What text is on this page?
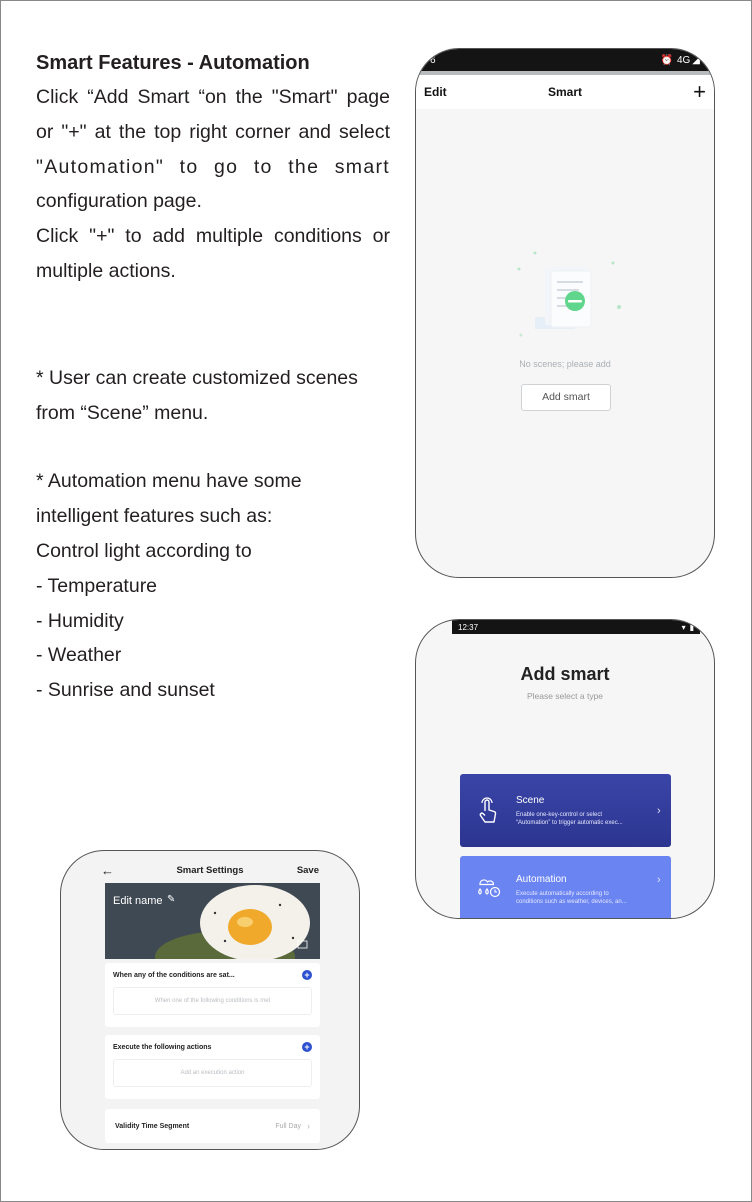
Smart Features - Automation

Click “Add Smart “on the "Smart" page

or "+" at the top right corner and select

"Automation" to go to the smart

configuration page.

Click "+" to add multiple conditions or

multiple actions.

* User can create customized scenes

from “Scene” menu.

* Automation menu have some

intelligent features such as:

Control light according to

- Temperature

- Humidity

- Weather

- Sunrise and sunset

6	⏰ 4G ◢
Edit	Smart	+
No scenes; please add
Add smart
12:37	▾ ▮
Add smart
Please select a type
Scene
Enable one-key-control or select
“Automation” to trigger automatic exec...
›
Automation
Execute automatically according to
conditions such as weather, devices, an...
›
←	Smart Settings	Save
Edit name ✎
When any of the conditions are sat...	+
When one of the following conditions is met
Execute the following actions	+
Add an execution action
Validity Time Segment	Full Day ›
